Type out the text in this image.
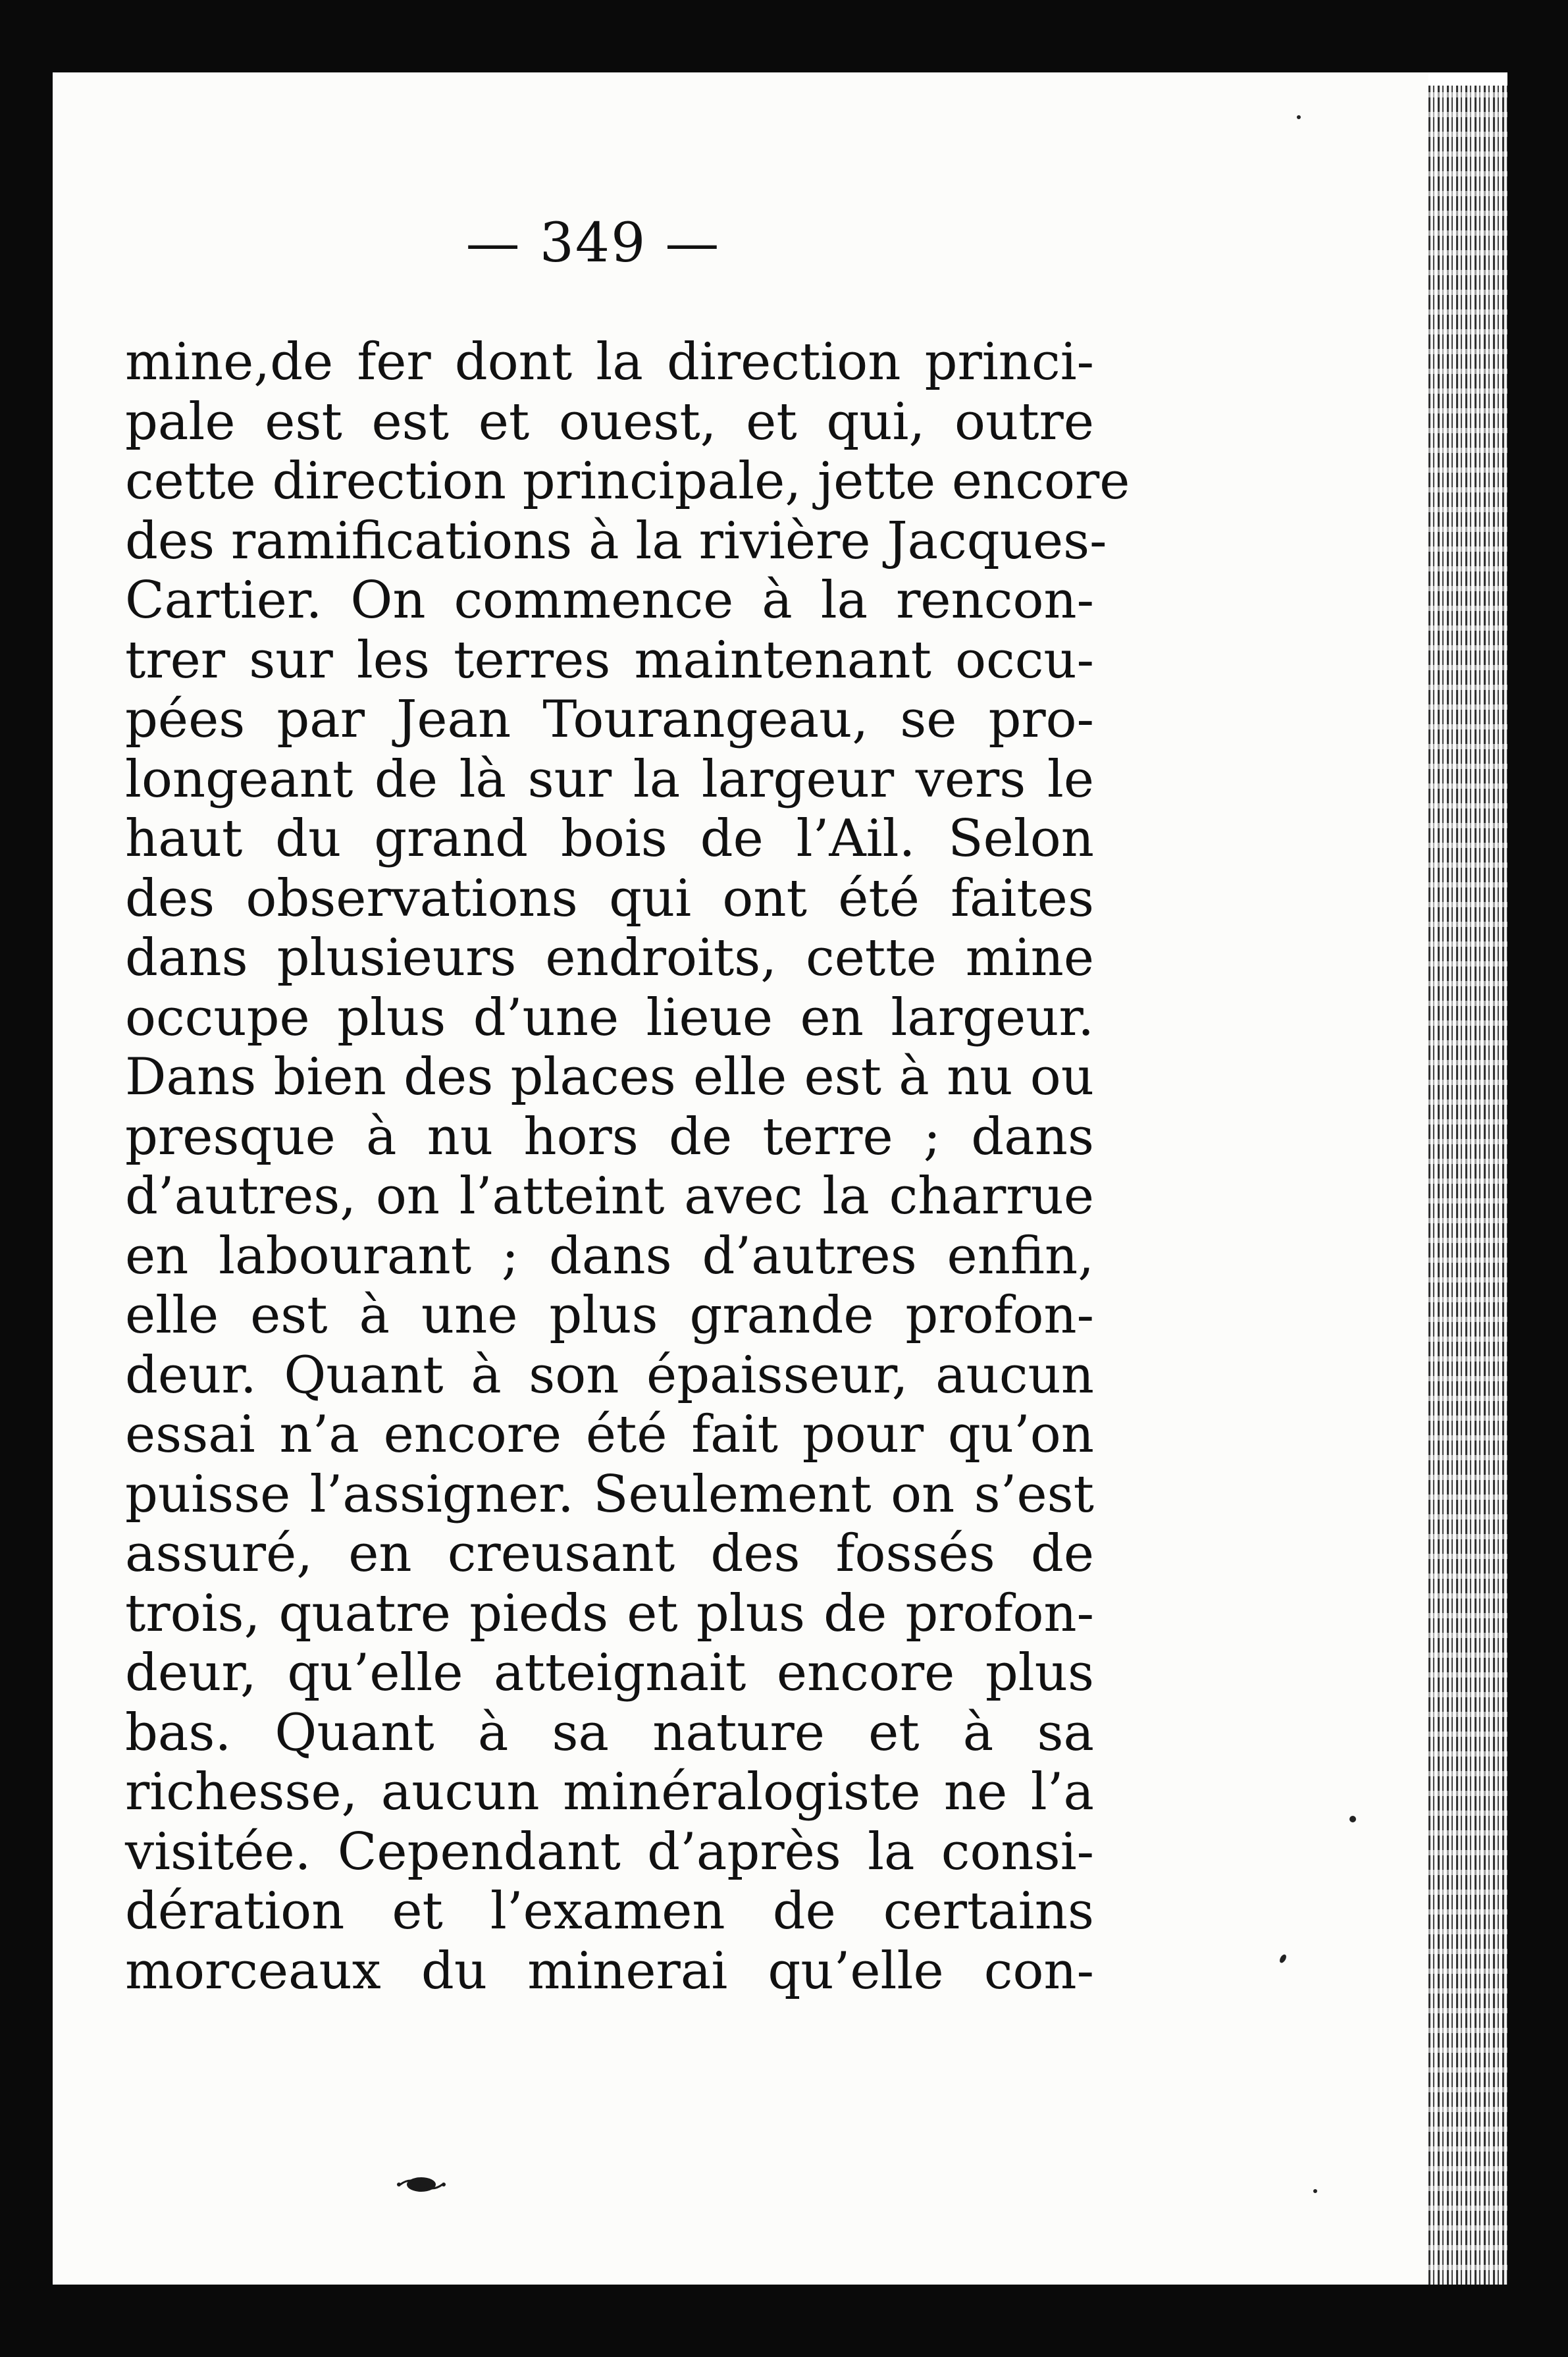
— 349 —
mine,de fer dont la direction princi-
pale est est et ouest, et qui, outre
cette direction principale, jette encore
des ramifications à la rivière Jacques-
Cartier. On commence à la rencon-
trer sur les terres maintenant occu-
pées par Jean Tourangeau, se pro-
longeant de là sur la largeur vers le
haut du grand bois de l’Ail. Selon
des observations qui ont été faites
dans plusieurs endroits, cette mine
occupe plus d’une lieue en largeur.
Dans bien des places elle est à nu ou
presque à nu hors de terre ; dans
d’autres, on l’atteint avec la charrue
en labourant ; dans d’autres enfin,
elle est à une plus grande profon-
deur. Quant à son épaisseur, aucun
essai n’a encore été fait pour qu’on
puisse l’assigner. Seulement on s’est
assuré, en creusant des fossés de
trois, quatre pieds et plus de profon-
deur, qu’elle atteignait encore plus
bas. Quant à sa nature et à sa
richesse, aucun minéralogiste ne l’a
visitée. Cependant d’après la consi-
dération et l’examen de certains
morceaux du minerai qu’elle con-
